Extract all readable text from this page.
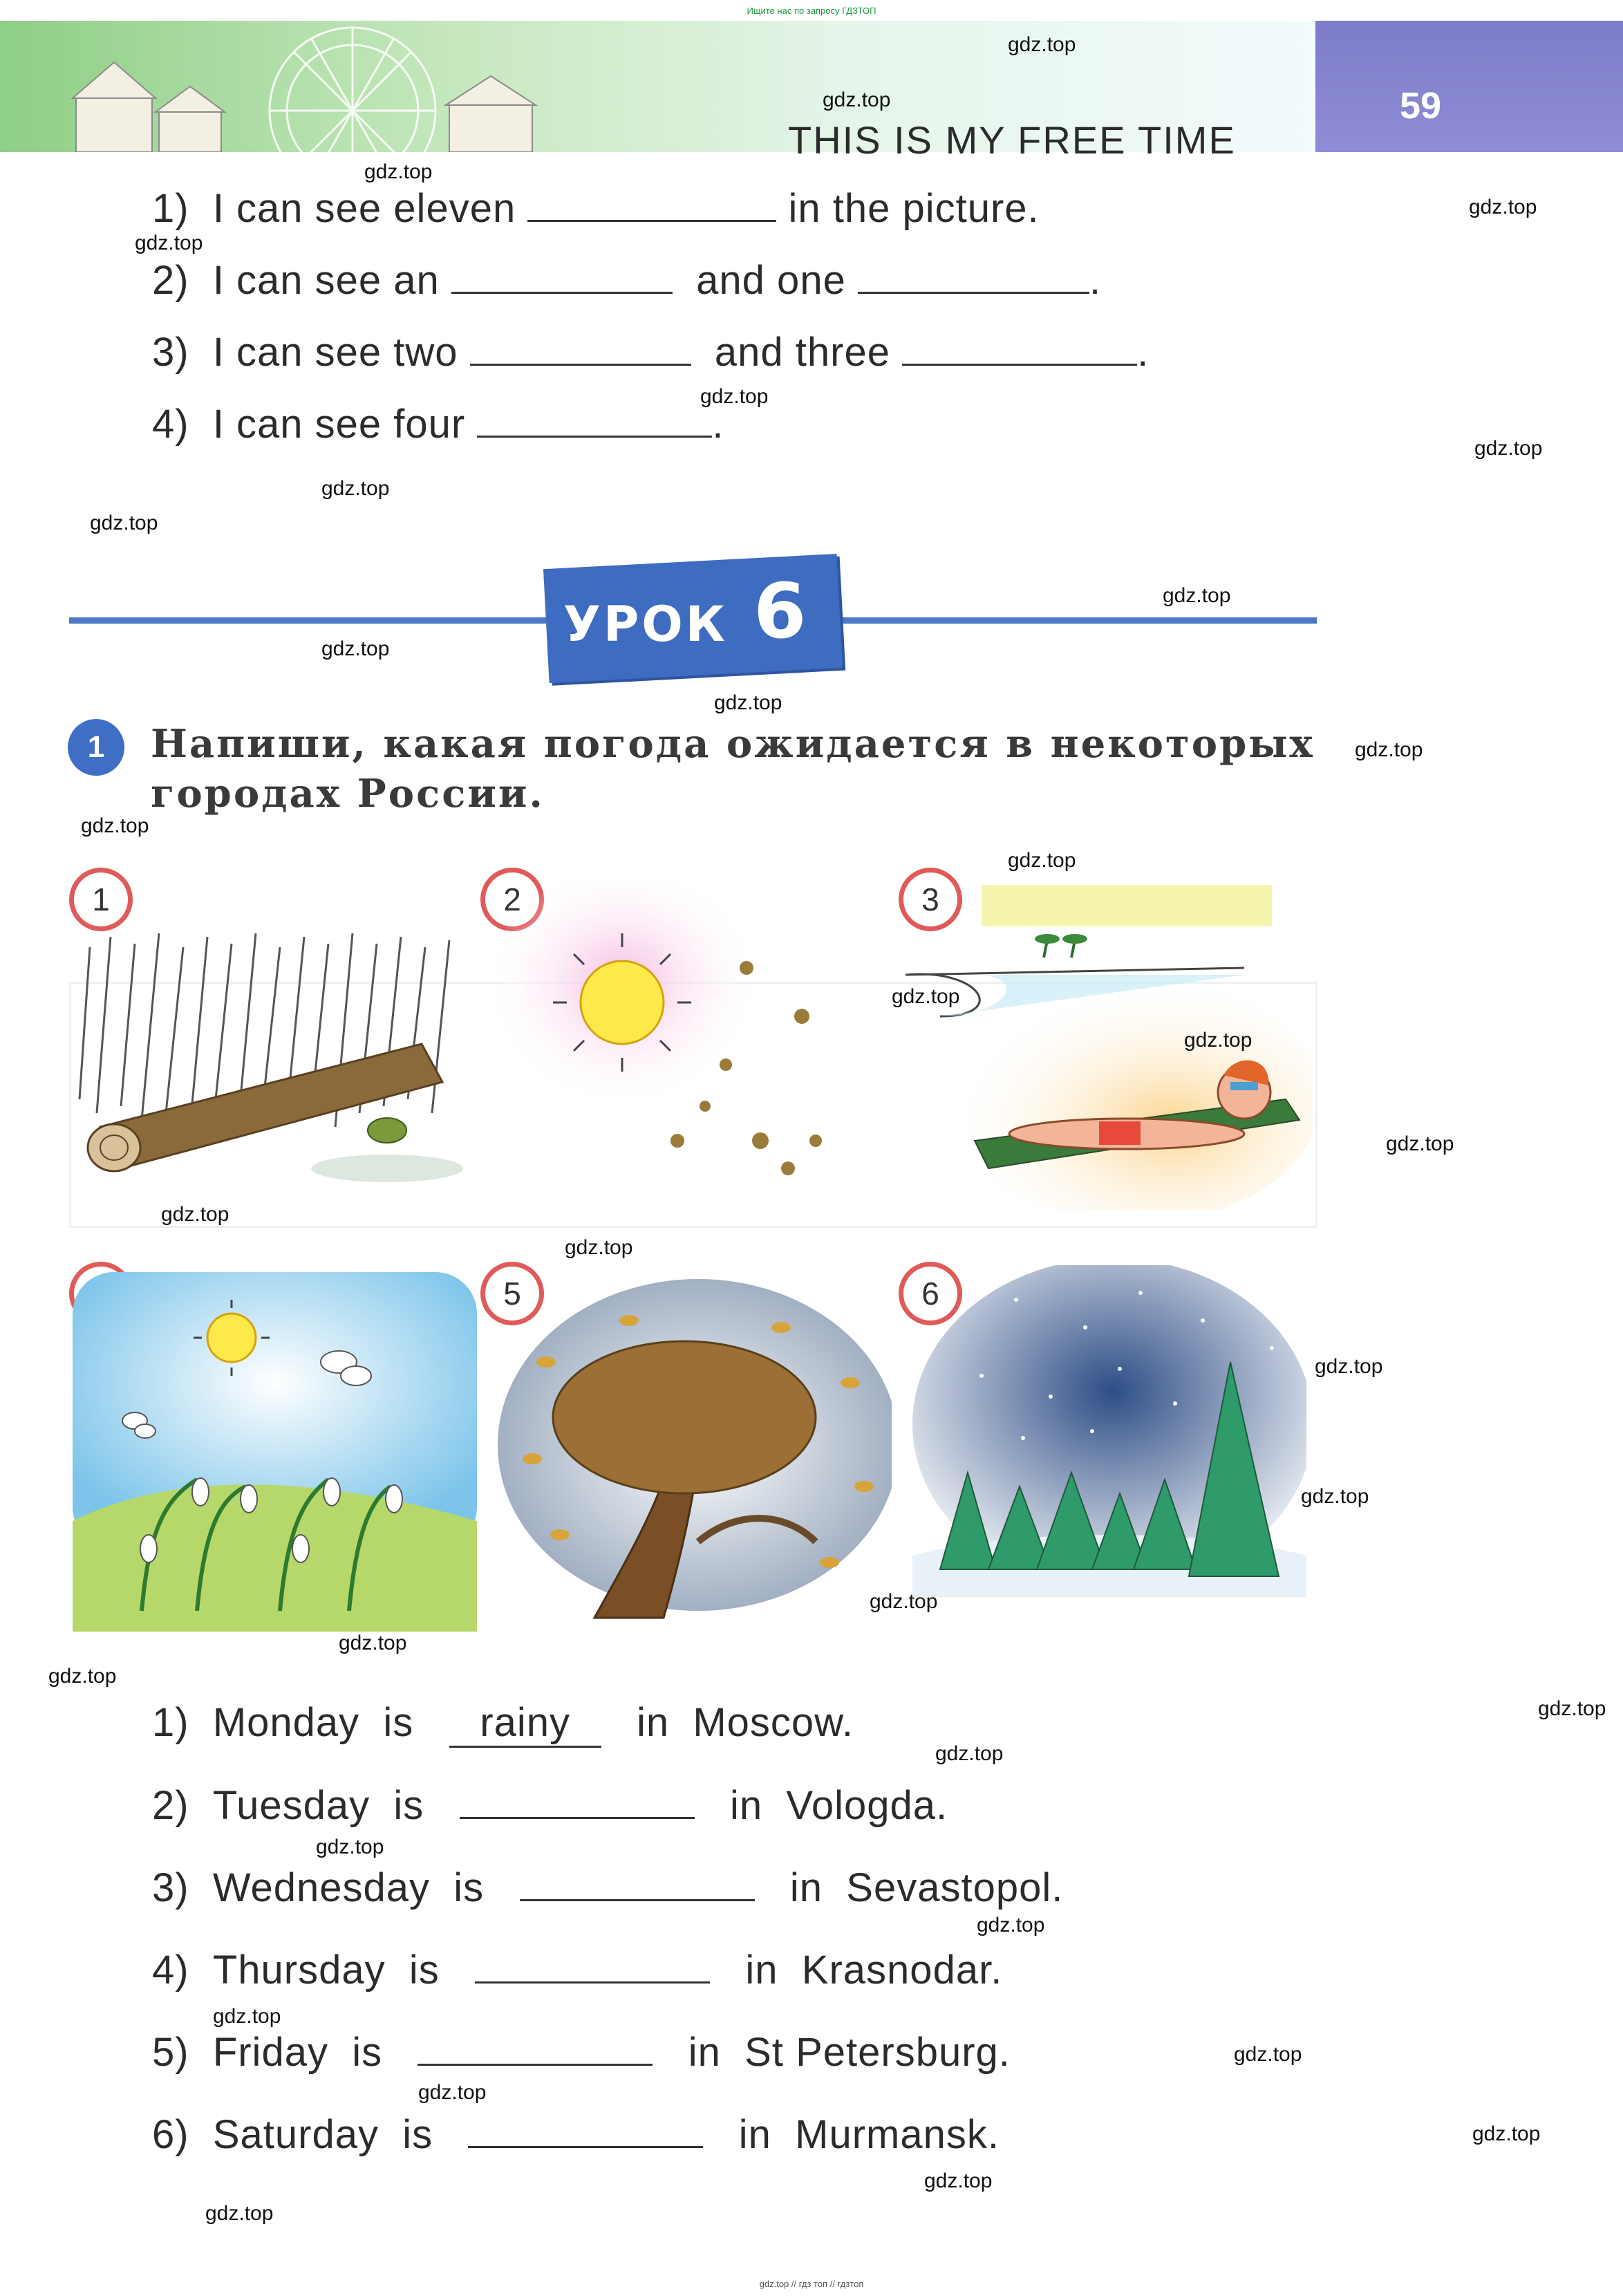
Ищите нас по запросу ГДЗТОП
59
THIS IS MY FREE TIME
1) I can see eleven	in the picture.
2) I can see an	and one	.
3) I can see two	and three	.
4) I can see four	.
УРОК 6
1	Напиши, какая погода ожидается в некоторых городах России.
1	2	3
5	6
1) Monday is rainy in Moscow.
2) Tuesday is	in Vologda.
3) Wednesday is	in Sevastopol.
4) Thursday is	in Krasnodar.
5) Friday is	in St Petersburg.
6) Saturday is	in Murmansk.
gdz.top
gdz.top
gdz.top
gdz.top
gdz.top
gdz.top
gdz.top
gdz.top
gdz.top
gdz.top
gdz.top
gdz.top
gdz.top
gdz.top
gdz.top
gdz.top
gdz.top
gdz.top
gdz.top
gdz.top
gdz.top
gdz.top
gdz.top
gdz.top
gdz.top
gdz.top
gdz.top
gdz.top
gdz.top
gdz.top
gdz.top
gdz.top
gdz.top
gdz.top
gdz.top
gdz.top // гдз топ // гдзтоп
